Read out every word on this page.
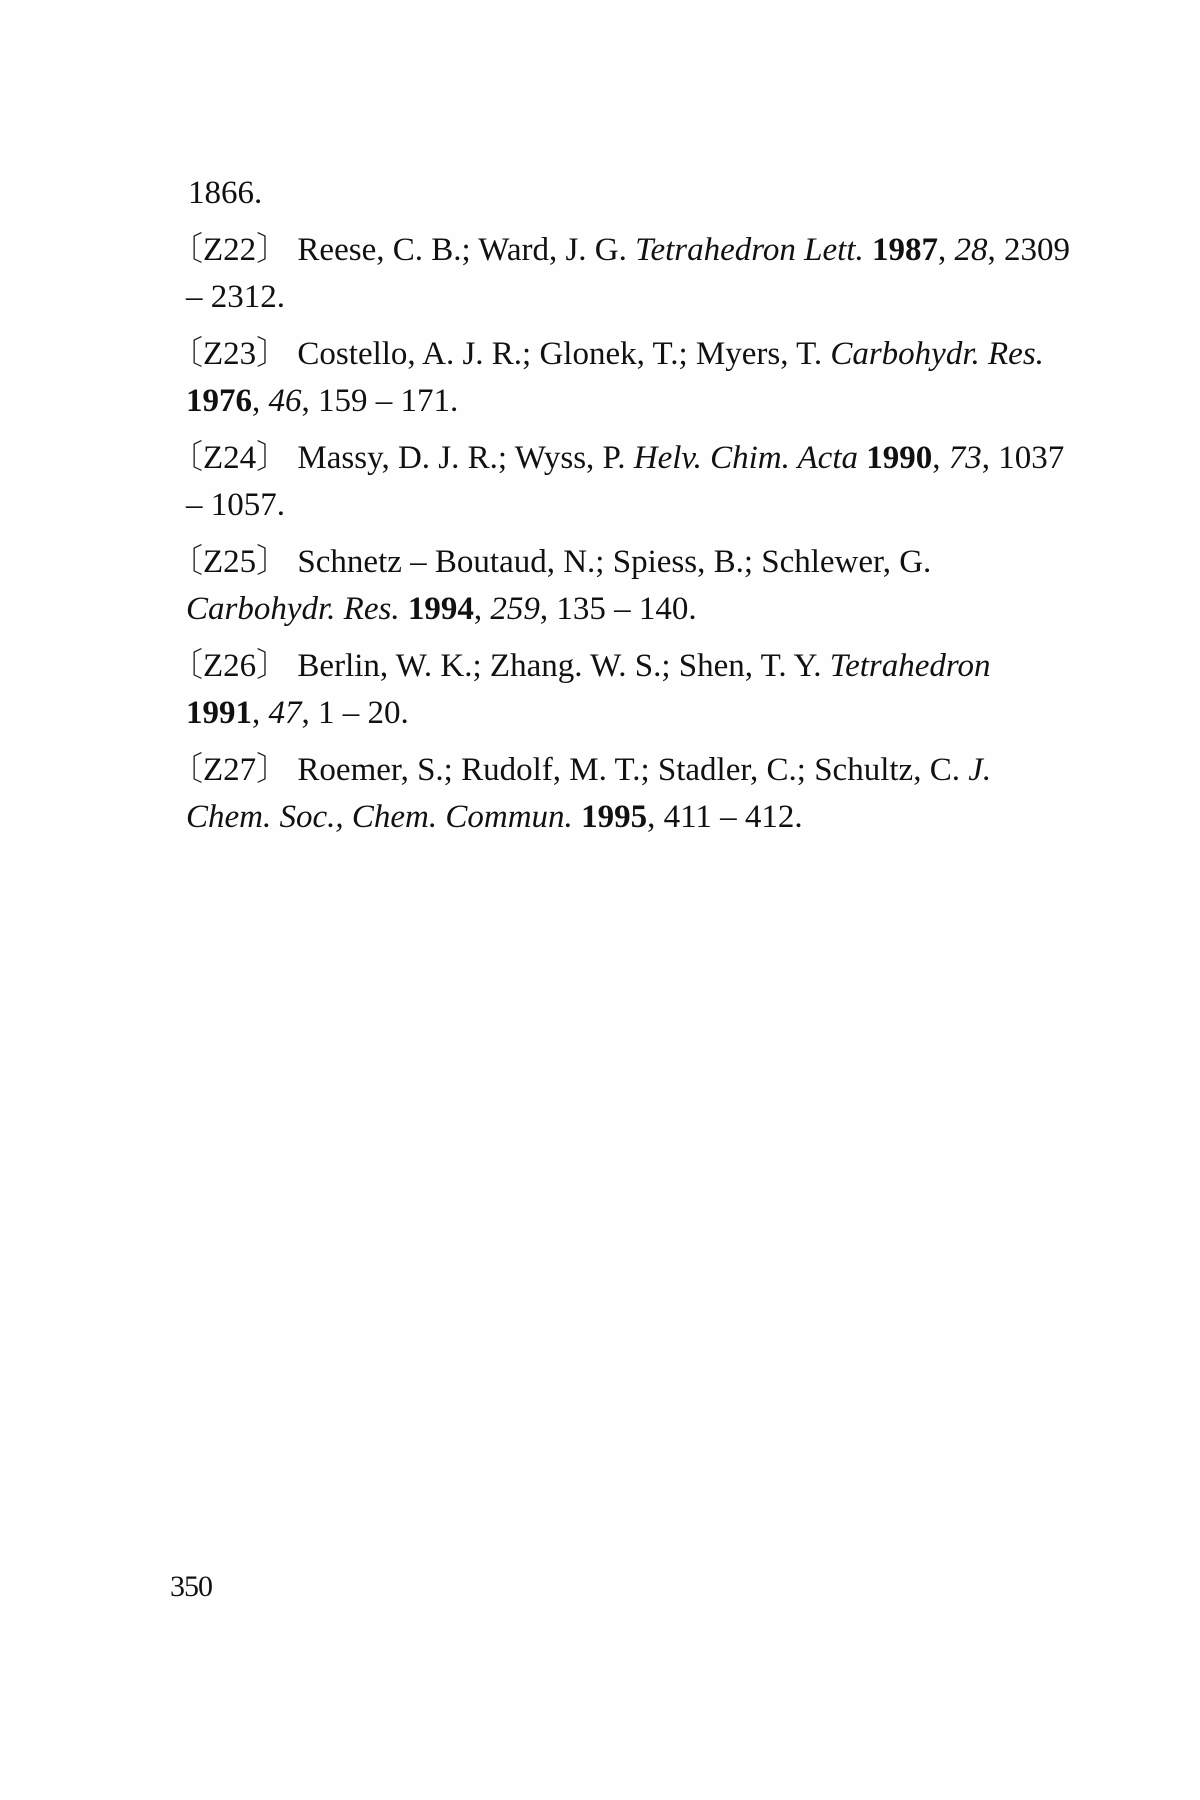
1866.
〔Z22〕 Reese, C. B.; Ward, J. G. Tetrahedron Lett. 1987, 28, 2309 – 2312.
〔Z23〕 Costello, A. J. R.; Glonek, T.; Myers, T. Carbohydr. Res. 1976, 46, 159 – 171.
〔Z24〕 Massy, D. J. R.; Wyss, P. Helv. Chim. Acta 1990, 73, 1037 – 1057.
〔Z25〕 Schnetz – Boutaud, N.; Spiess, B.; Schlewer, G. Carbohydr. Res. 1994, 259, 135 – 140.
〔Z26〕 Berlin, W. K.; Zhang. W. S.; Shen, T. Y. Tetrahedron 1991, 47, 1 – 20.
〔Z27〕 Roemer, S.; Rudolf, M. T.; Stadler, C.; Schultz, C. J. Chem. Soc., Chem. Commun. 1995, 411 – 412.
350
